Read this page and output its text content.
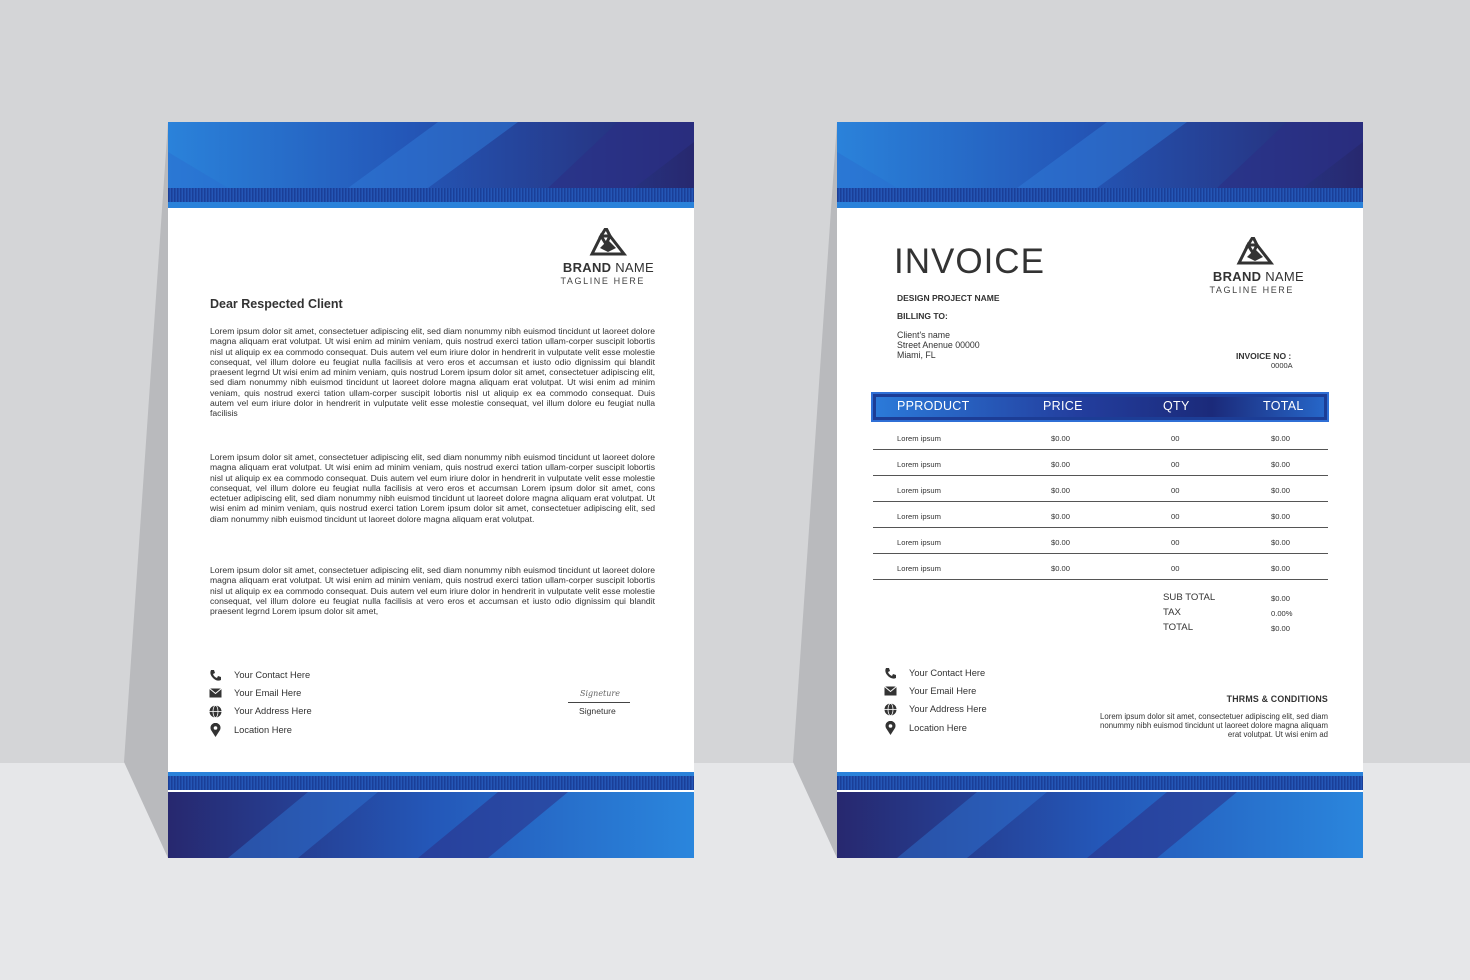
BRAND NAME
TAGLINE HERE
Dear Respected Client

Lorem ipsum dolor sit amet, consectetuer adipiscing elit, sed diam nonummy nibh euismod tincidunt ut laoreet dolore magna aliquam erat volutpat. Ut wisi enim ad minim veniam, quis nostrud exerci tation ullam-corper suscipit lobortis nisl ut aliquip ex ea commodo consequat. Duis autem vel eum iriure dolor in hendrerit in vulputate velit esse molestie consequat, vel illum dolore eu feugiat nulla facilisis at vero eros et accumsan et iusto odio dignissim qui blandit praesent legrnd Ut wisi enim ad minim veniam, quis nostrud Lorem ipsum dolor sit amet, consectetuer adipiscing elit, sed diam nonummy nibh euismod tincidunt ut laoreet dolore magna aliquam erat volutpat. Ut wisi enim ad minim veniam, quis nostrud exerci tation ullam-corper suscipit lobortis nisl ut aliquip ex ea commodo consequat. Duis autem vel eum iriure dolor in hendrerit in vulputate velit esse molestie consequat, vel illum dolore eu feugiat nulla facilisis

Lorem ipsum dolor sit amet, consectetuer adipiscing elit, sed diam nonummy nibh euismod tincidunt ut laoreet dolore magna aliquam erat volutpat. Ut wisi enim ad minim veniam, quis nostrud exerci tation ullam-corper suscipit lobortis nisl ut aliquip ex ea commodo consequat. Duis autem vel eum iriure dolor in hendrerit in vulputate velit esse molestie consequat, vel illum dolore eu feugiat nulla facilisis at vero eros et accumsan Lorem ipsum dolor sit amet, cons ectetuer adipiscing elit, sed diam nonummy nibh euismod tincidunt ut laoreet dolore magna aliquam erat volutpat. Ut wisi enim ad minim veniam, quis nostrud exerci tation Lorem ipsum dolor sit amet, consectetuer adipiscing elit, sed diam nonummy nibh euismod tincidunt ut laoreet dolore magna aliquam erat volutpat.

Lorem ipsum dolor sit amet, consectetuer adipiscing elit, sed diam nonummy nibh euismod tincidunt ut laoreet dolore magna aliquam erat volutpat. Ut wisi enim ad minim veniam, quis nostrud exerci tation ullam-corper suscipit lobortis nisl ut aliquip ex ea commodo consequat. Duis autem vel eum iriure dolor in hendrerit in vulputate velit esse molestie consequat, vel illum dolore eu feugiat nulla facilisis at vero eros et accumsan et iusto odio dignissim qui blandit praesent legrnd Lorem ipsum dolor sit amet,

Your Contact Here
Your Email Here
Your Address Here
Location Here
Signeture
Signeture
INVOICE	BRAND NAME
TAGLINE HERE
DESIGN PROJECT NAME
BILLING TO:
Client's name
Street Anenue 00000
Miami, FL	INVOICE NO :
0000A
PPRODUCT	PRICE	QTY	TOTAL
Lorem ipsum	$0.00	00	$0.00
Lorem ipsum	$0.00	00	$0.00
Lorem ipsum	$0.00	00	$0.00
Lorem ipsum	$0.00	00	$0.00
Lorem ipsum	$0.00	00	$0.00
Lorem ipsum	$0.00	00	$0.00
SUB TOTAL	$0.00
TAX	0.00%
TOTAL	$0.00
Your Contact Here
Your Email Here
Your Address Here
Location Here
THRMS & CONDITIONS

Lorem ipsum dolor sit amet, consectetuer adipiscing elit, sed diam nonummy nibh euismod tincidunt ut laoreet dolore magna aliquam erat volutpat. Ut wisi enim ad
